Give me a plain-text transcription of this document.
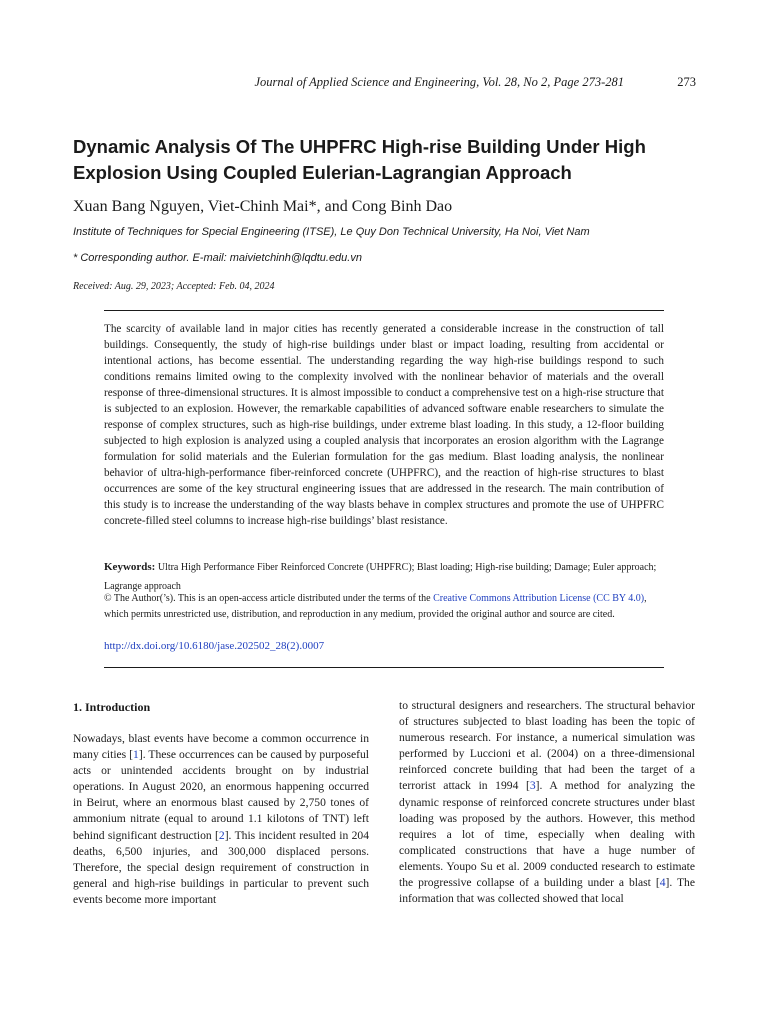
Journal of Applied Science and Engineering, Vol. 28, No 2, Page 273-281	273
Dynamic Analysis Of The UHPFRC High-rise Building Under High Explosion Using Coupled Eulerian-Lagrangian Approach
Xuan Bang Nguyen, Viet-Chinh Mai*, and Cong Binh Dao
Institute of Techniques for Special Engineering (ITSE), Le Quy Don Technical University, Ha Noi, Viet Nam
* Corresponding author. E-mail: maivietchinh@lqdtu.edu.vn
Received: Aug. 29, 2023; Accepted: Feb. 04, 2024

The scarcity of available land in major cities has recently generated a considerable increase in the construction of tall buildings. Consequently, the study of high-rise buildings under blast or impact loading, resulting from accidental or intentional actions, has become essential. The understanding regarding the way high-rise buildings respond to such conditions remains limited owing to the complexity involved with the nonlinear behavior of materials and the overall response of three-dimensional structures. It is almost impossible to conduct a comprehensive test on a high-rise structure that is subjected to an explosion. However, the remarkable capabilities of advanced software enable researchers to simulate the response of complex structures, such as high-rise buildings, under extreme blast loading. In this study, a 12-floor building subjected to high explosion is analyzed using a coupled analysis that incorporates an erosion algorithm with the Lagrange formulation for solid materials and the Eulerian formulation for the gas medium. Blast loading analysis, the nonlinear behavior of ultra-high-performance fiber-reinforced concrete (UHPFRC), and the reaction of high-rise structures to blast occurrences are some of the key structural engineering issues that are addressed in the research. The main contribution of this study is to increase the understanding of the way blasts behave in complex structures and promote the use of UHPFRC concrete-filled steel columns to increase high-rise buildings’ blast resistance.

Keywords: Ultra High Performance Fiber Reinforced Concrete (UHPFRC); Blast loading; High-rise building; Damage; Euler approach; Lagrange approach

© The Author(’s). This is an open-access article distributed under the terms of the Creative Commons Attribution License (CC BY 4.0), which permits unrestricted use, distribution, and reproduction in any medium, provided the original author and source are cited.

http://dx.doi.org/10.6180/jase.202502_28(2).0007
1. Introduction

Nowadays, blast events have become a common occurrence in many cities [1]. These occurrences can be caused by purposeful acts or unintended accidents brought on by industrial operations. In August 2020, an enormous happening occurred in Beirut, where an enormous blast caused by 2,750 tones of ammonium nitrate (equal to around 1.1 kilotons of TNT) left behind significant destruction [2]. This incident resulted in 204 deaths, 6,500 injuries, and 300,000 displaced persons. Therefore, the special design requirement of construction in general and high-rise buildings in particular to prevent such events become more important

to structural designers and researchers. The structural behavior of structures subjected to blast loading has been the topic of numerous research. For instance, a numerical simulation was performed by Luccioni et al. (2004) on a three-dimensional reinforced concrete building that had been the target of a terrorist attack in 1994 [3]. A method for analyzing the dynamic response of reinforced concrete structures under blast loading was proposed by the authors. However, this method requires a lot of time, especially when dealing with complicated constructions that have a huge number of elements. Youpo Su et al. 2009 conducted research to estimate the progressive collapse of a building under a blast [4]. The information that was collected showed that local
